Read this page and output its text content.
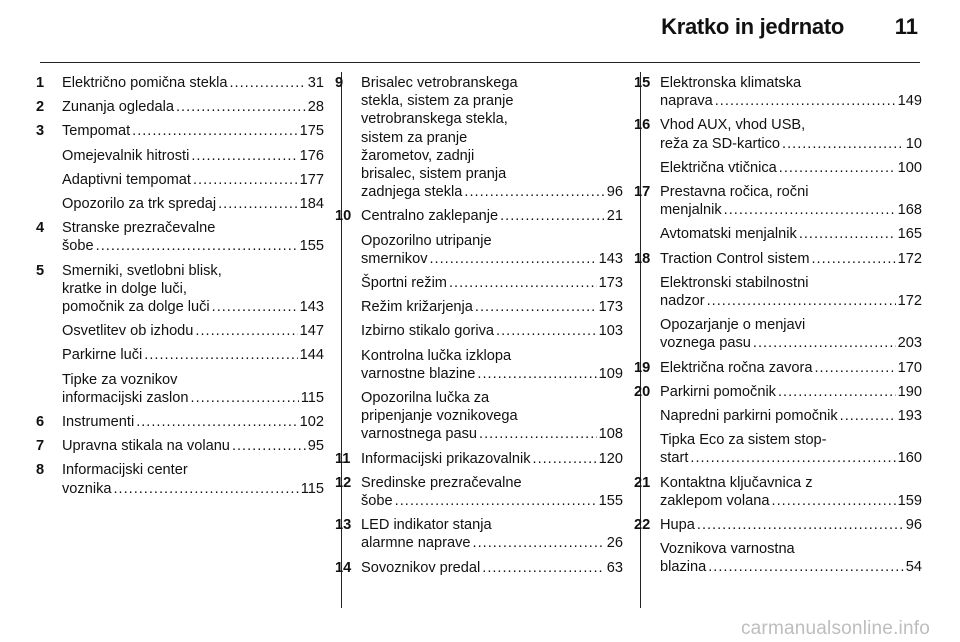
Kratko in jedrnato 11
1	Električno pomična stekla .....	31
2	Zunanja ogledala .....	28
3	Tempomat .....	175
Omejevalnik hitrosti .....	176
Adaptivni tempomat .....	177
Opozorilo za trk spredaj .....	184
4	Stranske prezračevalne
šobe .....	155
5	Smerniki, svetlobni blisk,
kratke in dolge luči,
pomočnik za dolge luči .....	143
Osvetlitev ob izhodu .....	147
Parkirne luči .....	144
Tipke za voznikov
informacijski zaslon .....	115
6	Instrumenti .....	102
7	Upravna stikala na volanu .....	95
8	Informacijski center
voznika .....	115
9	Brisalec vetrobranskega
stekla, sistem za pranje
vetrobranskega stekla,
sistem za pranje
žarometov, zadnji
brisalec, sistem pranja
zadnjega stekla .....	96
10 Centralno zaklepanje .....	21
Opozorilno utripanje
smernikov .....	143
Športni režim .....	173
Režim križarjenja .....	173
Izbirno stikalo goriva .....	103
Kontrolna lučka izklopa
varnostne blazine .....	109
Opozorilna lučka za
pripenjanje voznikovega
varnostnega pasu .....	108
11 Informacijski prikazovalnik .....	120
12 Sredinske prezračevalne
šobe .....	155
13 LED indikator stanja
alarmne naprave .....	26
14 Sovoznikov predal .....	63
15 Elektronska klimatska
naprava .....	149
16 Vhod AUX, vhod USB,
reža za SD-kartico .....	10
Električna vtičnica .....	100
17 Prestavna ročica, ročni
menjalnik .....	168
Avtomatski menjalnik .....	165
18 Traction Control sistem .....	172
Elektronski stabilnostni
nadzor .....	172
Opozarjanje o menjavi
voznega pasu .....	203
19 Električna ročna zavora .....	170
20 Parkirni pomočnik .....	190
Napredni parkirni pomočnik .....	193
Tipka Eco za sistem stop-
start .....	160
21 Kontaktna ključavnica z
zaklepom volana .....	159
22 Hupa .....	96
Voznikova varnostna
blazina .....	54
carmanualsonline.info
